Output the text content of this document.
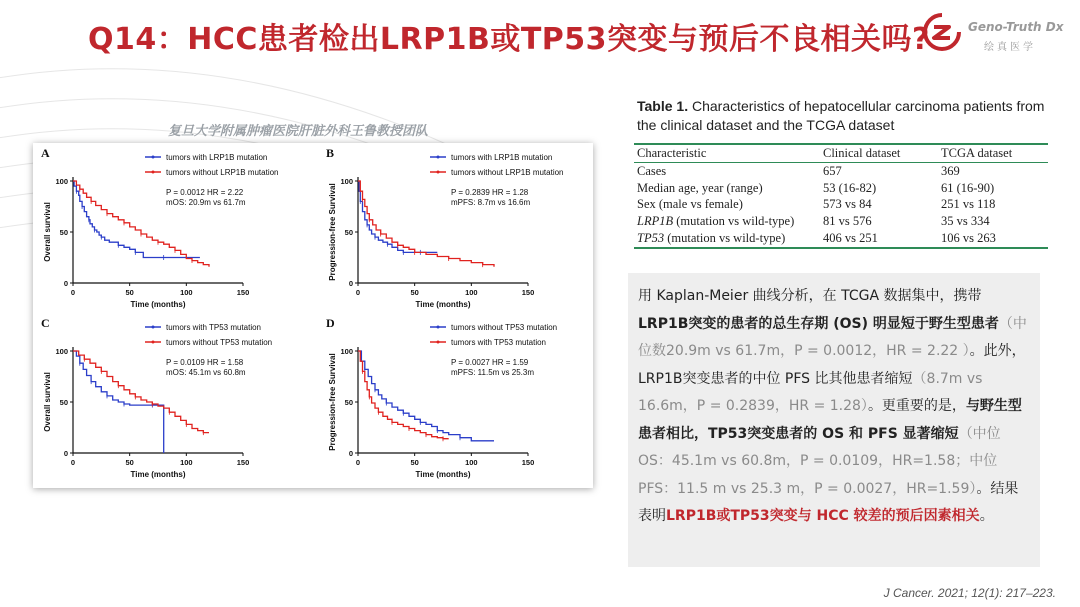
Q14：HCC患者检出LRP1B或TP53突变与预后不良相关吗?	Geno-Truth Dx
绘真医学
复旦大学附属肿瘤医院肝脏外科王鲁教授团队
A
0	50	100	150
0
50
100
Time (months)
Overall survival
tumors with LRP1B mutation
tumors without LRP1B mutation
P = 0.0012 HR = 2.22
mOS: 20.9m vs 61.7m
B
0	50	100	150
0
50
100
Time (months)
Progression-free Survival
tumors with LRP1B mutation
tumors without LRP1B mutation
P = 0.2839 HR = 1.28
mPFS: 8.7m vs 16.6m
C
0	50	100	150
0
50
100
Time (months)
Overall survival
tumors with TP53 mutation
tumors without TP53 mutation
P = 0.0109 HR = 1.58
mOS: 45.1m vs 60.8m
D
0	50	100	150
0
50
100
Time (months)
Progression-free Survival
tumors without TP53 mutation
tumors with TP53 mutation
P = 0.0027 HR = 1.59
mPFS: 11.5m vs 25.3m
Table 1. Characteristics of hepatocellular carcinoma patients from the clinical dataset and the TCGA dataset
Characteristic	Clinical dataset	TCGA dataset
Cases	657	369
Median age, year (range)	53 (16-82)	61 (16-90)
Sex (male vs female)	573 vs 84	251 vs 118
LRP1B (mutation vs wild-type)	81 vs 576	35 vs 334
TP53 (mutation vs wild-type)	406 vs 251	106 vs 263
用 Kaplan-Meier 曲线分析，在 TCGA 数据集中，携带LRP1B突变的患者的总生存期 (OS) 明显短于野生型患者（中位数20.9m vs 61.7m，P = 0.0012，HR = 2.22 ）。此外，LRP1B突变患者的中位 PFS 比其他患者缩短（8.7m vs 16.6m，P = 0.2839，HR = 1.28）。更重要的是，与野生型患者相比，TP53突变患者的 OS 和 PFS 显著缩短（中位 OS：45.1m vs 60.8m，P = 0.0109，HR=1.58；中位 PFS：11.5 m vs 25.3 m，P = 0.0027，HR=1.59）。结果表明LRP1B或TP53突变与 HCC 较差的预后因素相关。
J Cancer. 2021; 12(1): 217–223.
